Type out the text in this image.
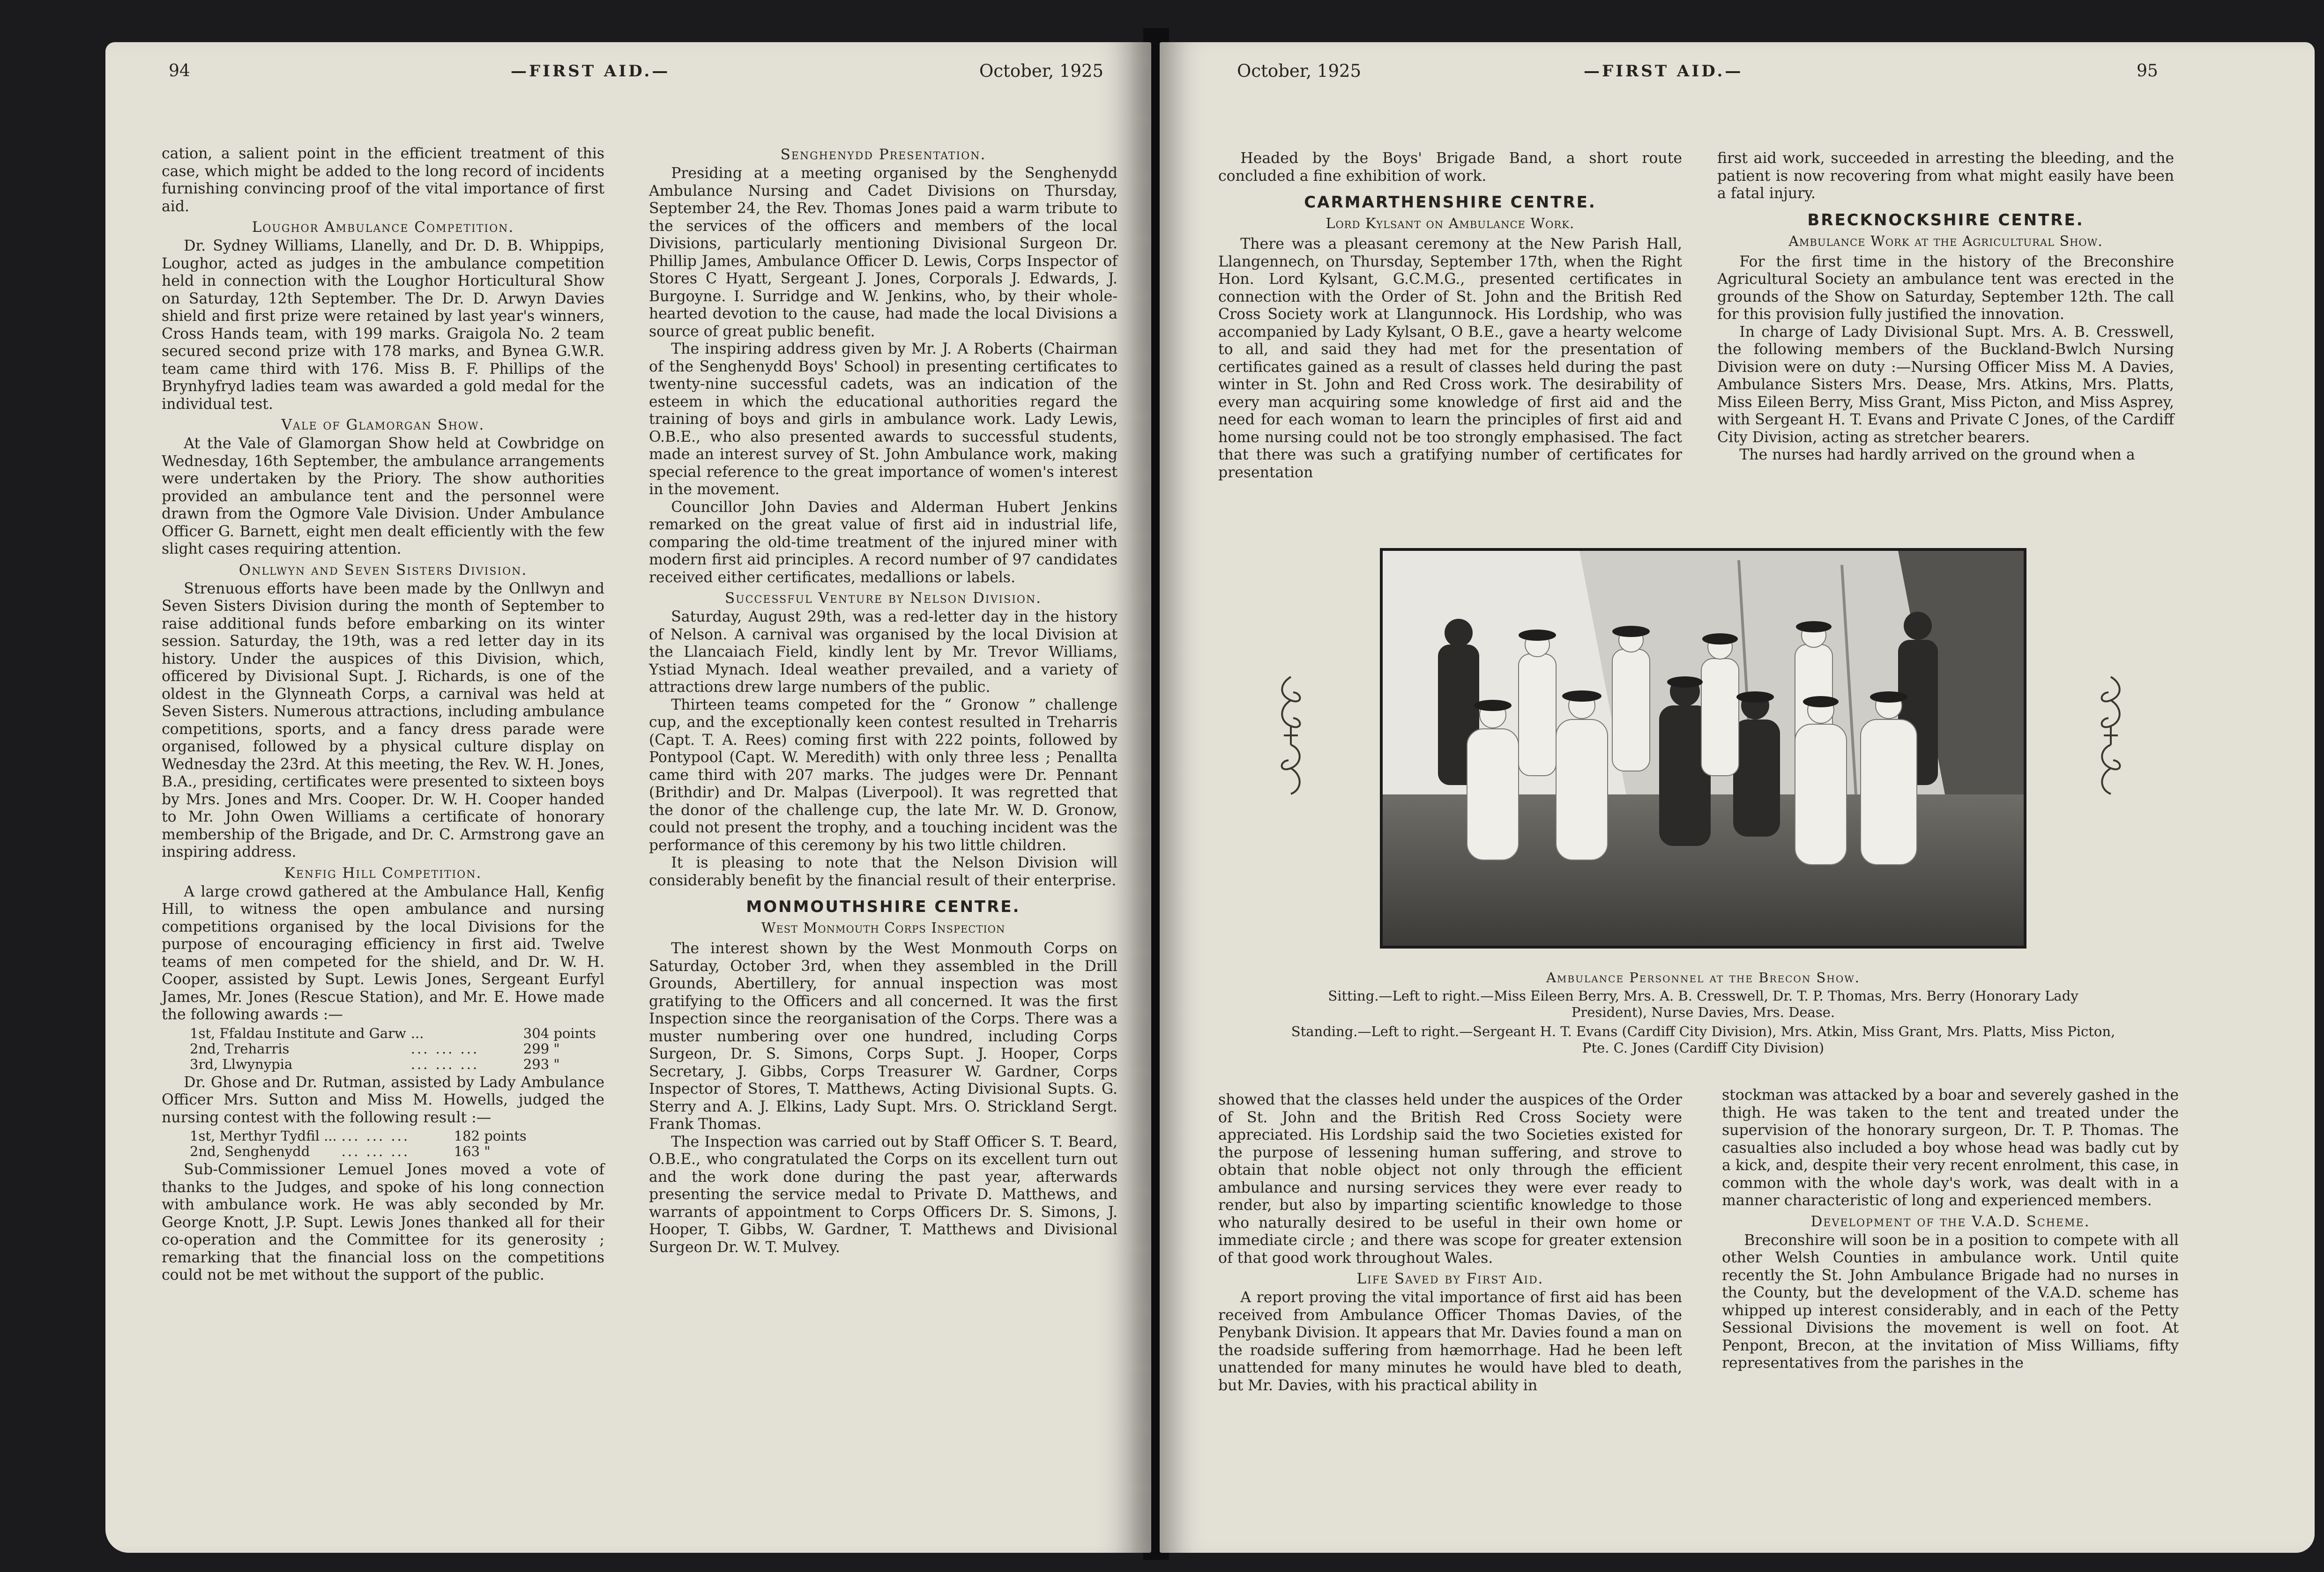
94	—FIRST AID.—	October, 1925

cation, a salient point in the efficient treatment of this case, which might be added to the long record of incidents furnishing convincing proof of the vital importance of first aid.

Loughor Ambulance Competition.

Dr. Sydney Williams, Llanelly, and Dr. D. B. Whippips, Loughor, acted as judges in the ambulance competition held in connection with the Loughor Horticultural Show on Saturday, 12th September. The Dr. D. Arwyn Davies shield and first prize were retained by last year's winners, Cross Hands team, with 199 marks. Graigola No. 2 team secured second prize with 178 marks, and Bynea G.W.R. team came third with 176. Miss B. F. Phillips of the Brynhyfryd ladies team was awarded a gold medal for the individual test.

Vale of Glamorgan Show.

At the Vale of Glamorgan Show held at Cowbridge on Wednesday, 16th September, the ambulance arrangements were undertaken by the Priory. The show authorities provided an ambulance tent and the personnel were drawn from the Ogmore Vale Division. Under Ambulance Officer G. Barnett, eight men dealt efficiently with the few slight cases requiring attention.

Onllwyn and Seven Sisters Division.

Strenuous efforts have been made by the Onllwyn and Seven Sisters Division during the month of September to raise additional funds before embarking on its winter session. Saturday, the 19th, was a red letter day in its history. Under the auspices of this Division, which, officered by Divisional Supt. J. Richards, is one of the oldest in the Glynneath Corps, a carnival was held at Seven Sisters. Numerous attractions, including ambulance competitions, sports, and a fancy dress parade were organised, followed by a physical culture display on Wednesday the 23rd. At this meeting, the Rev. W. H. Jones, B.A., presiding, certificates were presented to sixteen boys by Mrs. Jones and Mrs. Cooper. Dr. W. H. Cooper handed to Mr. John Owen Williams a certificate of honorary membership of the Brigade, and Dr. C. Armstrong gave an inspiring address.

Kenfig Hill Competition.

A large crowd gathered at the Ambulance Hall, Kenfig Hill, to witness the open ambulance and nursing competitions organised by the local Divisions for the purpose of encouraging efficiency in first aid. Twelve teams of men competed for the shield, and Dr. W. H. Cooper, assisted by Supt. Lewis Jones, Sergeant Eurfyl James, Mr. Jones (Rescue Station), and Mr. E. Howe made the following awards :—

1st, Ffaldau Institute and Garw	...	304 points
2nd, Treharris	... ... ...	299 "
3rd, Llwynypia	... ... ...	293 "

Dr. Ghose and Dr. Rutman, assisted by Lady Ambulance Officer Mrs. Sutton and Miss M. Howells, judged the nursing contest with the following result :—

1st, Merthyr Tydfil ...	... ... ...	182 points
2nd, Senghenydd	... ... ...	163 "

Sub-Commissioner Lemuel Jones moved a vote of thanks to the Judges, and spoke of his long connection with ambulance work. He was ably seconded by Mr. George Knott, J.P. Supt. Lewis Jones thanked all for their co-operation and the Committee for its generosity ; remarking that the financial loss on the competitions could not be met without the support of the public.

Senghenydd Presentation.

Presiding at a meeting organised by the Senghenydd Ambulance Nursing and Cadet Divisions on Thursday, September 24, the Rev. Thomas Jones paid a warm tribute to the services of the officers and members of the local Divisions, particularly mentioning Divisional Surgeon Dr. Phillip James, Ambulance Officer D. Lewis, Corps Inspector of Stores C Hyatt, Sergeant J. Jones, Corporals J. Edwards, J. Burgoyne. I. Surridge and W. Jenkins, who, by their whole-hearted devotion to the cause, had made the local Divisions a source of great public benefit.

The inspiring address given by Mr. J. A Roberts (Chairman of the Senghenydd Boys' School) in presenting certificates to twenty-nine successful cadets, was an indication of the esteem in which the educational authorities regard the training of boys and girls in ambulance work. Lady Lewis, O.B.E., who also presented awards to successful students, made an interest survey of St. John Ambulance work, making special reference to the great importance of women's interest in the movement.

Councillor John Davies and Alderman Hubert Jenkins remarked on the great value of first aid in industrial life, comparing the old-time treatment of the injured miner with modern first aid principles. A record number of 97 candidates received either certificates, medallions or labels.

Successful Venture by Nelson Division.

Saturday, August 29th, was a red-letter day in the history of Nelson. A carnival was organised by the local Division at the Llancaiach Field, kindly lent by Mr. Trevor Williams, Ystiad Mynach. Ideal weather prevailed, and a variety of attractions drew large numbers of the public.

Thirteen teams competed for the “ Gronow ” challenge cup, and the exceptionally keen contest resulted in Treharris (Capt. T. A. Rees) coming first with 222 points, followed by Pontypool (Capt. W. Meredith) with only three less ; Penallta came third with 207 marks. The judges were Dr. Pennant (Brithdir) and Dr. Malpas (Liverpool). It was regretted that the donor of the challenge cup, the late Mr. W. D. Gronow, could not present the trophy, and a touching incident was the performance of this ceremony by his two little children.

It is pleasing to note that the Nelson Division will considerably benefit by the financial result of their enterprise.

MONMOUTHSHIRE CENTRE.
West Monmouth Corps Inspection

The interest shown by the West Monmouth Corps on Saturday, October 3rd, when they assembled in the Drill Grounds, Abertillery, for annual inspection was most gratifying to the Officers and all concerned. It was the first Inspection since the reorganisation of the Corps. There was a muster numbering over one hundred, including Corps Surgeon, Dr. S. Simons, Corps Supt. J. Hooper, Corps Secretary, J. Gibbs, Corps Treasurer W. Gardner, Corps Inspector of Stores, T. Matthews, Acting Divisional Supts. G. Sterry and A. J. Elkins, Lady Supt. Mrs. O. Strickland Sergt. Frank Thomas.

The Inspection was carried out by Staff Officer S. T. Beard, O.B.E., who congratulated the Corps on its excellent turn out and the work done during the past year, afterwards presenting the service medal to Private D. Matthews, and warrants of appointment to Corps Officers Dr. S. Simons, J. Hooper, T. Gibbs, W. Gardner, T. Matthews and Divisional Surgeon Dr. W. T. Mulvey.

October, 1925	—FIRST AID.—	95

Headed by the Boys' Brigade Band, a short route concluded a fine exhibition of work.

CARMARTHENSHIRE CENTRE.
Lord Kylsant on Ambulance Work.

There was a pleasant ceremony at the New Parish Hall, Llangennech, on Thursday, September 17th, when the Right Hon. Lord Kylsant, G.C.M.G., presented certificates in connection with the Order of St. John and the British Red Cross Society work at Llangunnock. His Lordship, who was accompanied by Lady Kylsant, O B.E., gave a hearty welcome to all, and said they had met for the presentation of certificates gained as a result of classes held during the past winter in St. John and Red Cross work. The desirability of every man acquiring some knowledge of first aid and the need for each woman to learn the principles of first aid and home nursing could not be too strongly emphasised. The fact that there was such a gratifying number of certificates for presentation

first aid work, succeeded in arresting the bleeding, and the patient is now recovering from what might easily have been a fatal injury.

BRECKNOCKSHIRE CENTRE.
Ambulance Work at the Agricultural Show.

For the first time in the history of the Breconshire Agricultural Society an ambulance tent was erected in the grounds of the Show on Saturday, September 12th. The call for this provision fully justified the innovation.

In charge of Lady Divisional Supt. Mrs. A. B. Cresswell, the following members of the Buckland-Bwlch Nursing Division were on duty :—Nursing Officer Miss M. A Davies, Ambulance Sisters Mrs. Dease, Mrs. Atkins, Mrs. Platts, Miss Eileen Berry, Miss Grant, Miss Picton, and Miss Asprey, with Sergeant H. T. Evans and Private C Jones, of the Cardiff City Division, acting as stretcher bearers.

The nurses had hardly arrived on the ground when a

Ambulance Personnel at the Brecon Show.

Sitting.—Left to right.—Miss Eileen Berry, Mrs. A. B. Cresswell, Dr. T. P. Thomas, Mrs. Berry (Honorary Lady President), Nurse Davies, Mrs. Dease.

Standing.—Left to right.—Sergeant H. T. Evans (Cardiff City Division), Mrs. Atkin, Miss Grant, Mrs. Platts, Miss Picton, Pte. C. Jones (Cardiff City Division)

showed that the classes held under the auspices of the Order of St. John and the British Red Cross Society were appreciated. His Lordship said the two Societies existed for the purpose of lessening human suffering, and strove to obtain that noble object not only through the efficient ambulance and nursing services they were ever ready to render, but also by imparting scientific knowledge to those who naturally desired to be useful in their own home or immediate circle ; and there was scope for greater extension of that good work throughout Wales.

Life Saved by First Aid.

A report proving the vital importance of first aid has been received from Ambulance Officer Thomas Davies, of the Penybank Division. It appears that Mr. Davies found a man on the roadside suffering from hæmorrhage. Had he been left unattended for many minutes he would have bled to death, but Mr. Davies, with his practical ability in

stockman was attacked by a boar and severely gashed in the thigh. He was taken to the tent and treated under the supervision of the honorary surgeon, Dr. T. P. Thomas. The casualties also included a boy whose head was badly cut by a kick, and, despite their very recent enrolment, this case, in common with the whole day's work, was dealt with in a manner characteristic of long and experienced members.

Development of the V.A.D. Scheme.

Breconshire will soon be in a position to compete with all other Welsh Counties in ambulance work. Until quite recently the St. John Ambulance Brigade had no nurses in the County, but the development of the V.A.D. scheme has whipped up interest considerably, and in each of the Petty Sessional Divisions the movement is well on foot. At Penpont, Brecon, at the invitation of Miss Williams, fifty representatives from the parishes in the
